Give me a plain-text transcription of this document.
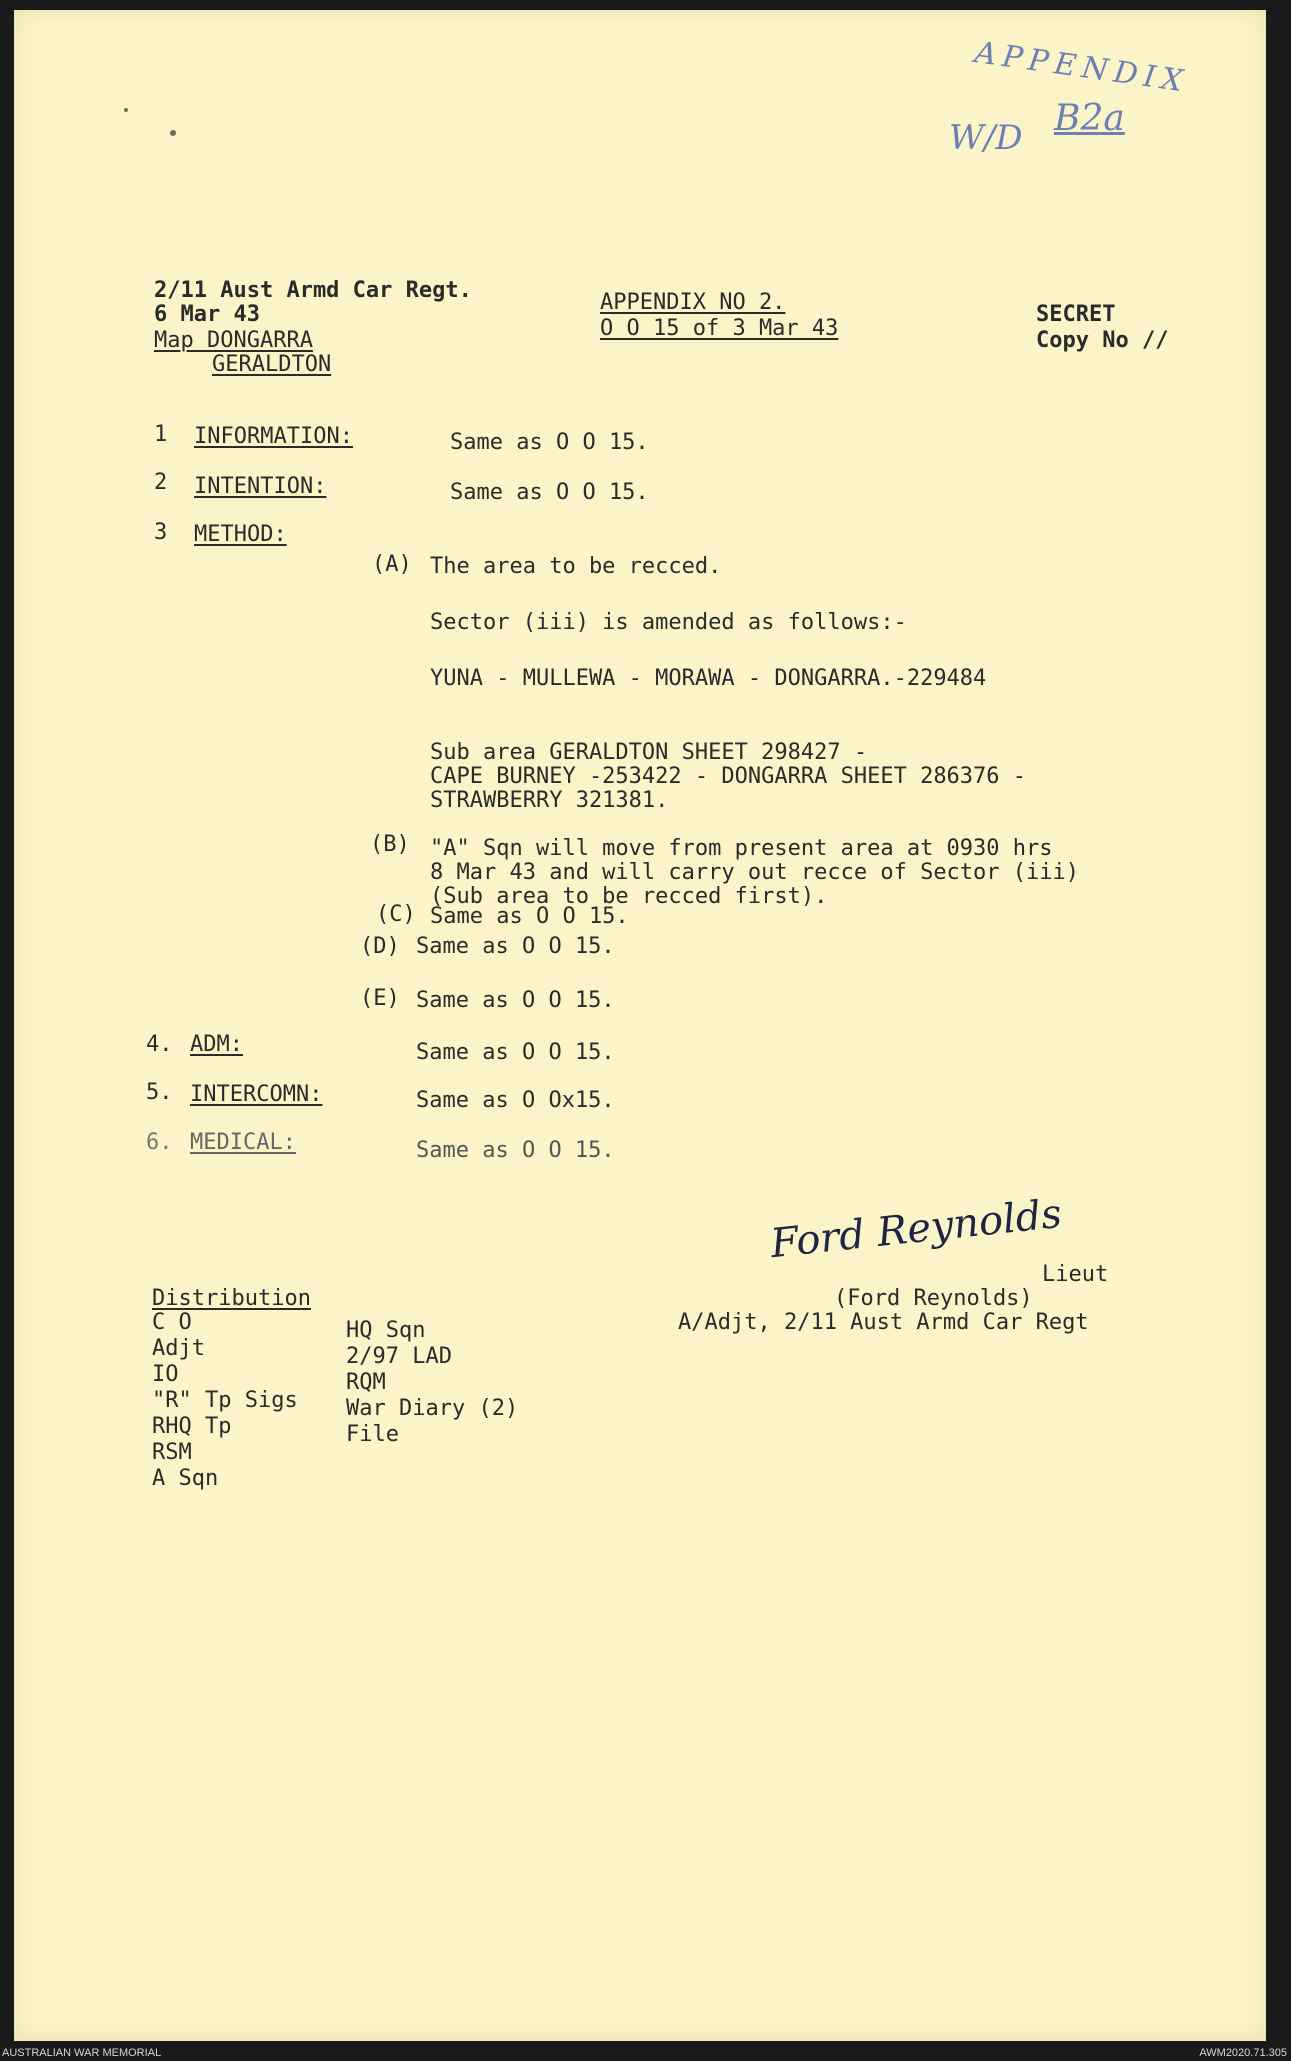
APPENDIX
B2a
W/D
2/11 Aust Armd Car Regt.
6 Mar 43
Map DONGARRA
GERALDTON
APPENDIX NO 2.
O O 15 of 3 Mar 43
SECRET
Copy No //
1 INFORMATION:	Same as O O 15.
2 INTENTION:	Same as O O 15.
3 METHOD:
(A) The area to be recced.
Sector (iii) is amended as follows:-
YUNA - MULLEWA - MORAWA - DONGARRA.-229484
Sub area GERALDTON SHEET 298427 -
CAPE BURNEY -253422 - DONGARRA SHEET 286376 -
STRAWBERRY 321381.
(B) "A" Sqn will move from present area at 0930 hrs
8 Mar 43 and will carry out recce of Sector (iii)
(Sub area to be recced first).
(C) Same as O O 15.
(D) Same as O O 15.
(E) Same as O O 15.
4. ADM:	Same as O O 15.
5. INTERCOMN:	Same as O Ox15.
6. MEDICAL:	Same as O O 15.
Ford Reynolds
Lieut
(Ford Reynolds)
A/Adjt, 2/11 Aust Armd Car Regt
Distribution
C O
Adjt
IO
"R" Tp Sigs
RHQ Tp
RSM
A Sqn
HQ Sqn
2/97 LAD
RQM
War Diary (2)
File
AUSTRALIAN WAR MEMORIAL	AWM2020.71.305
